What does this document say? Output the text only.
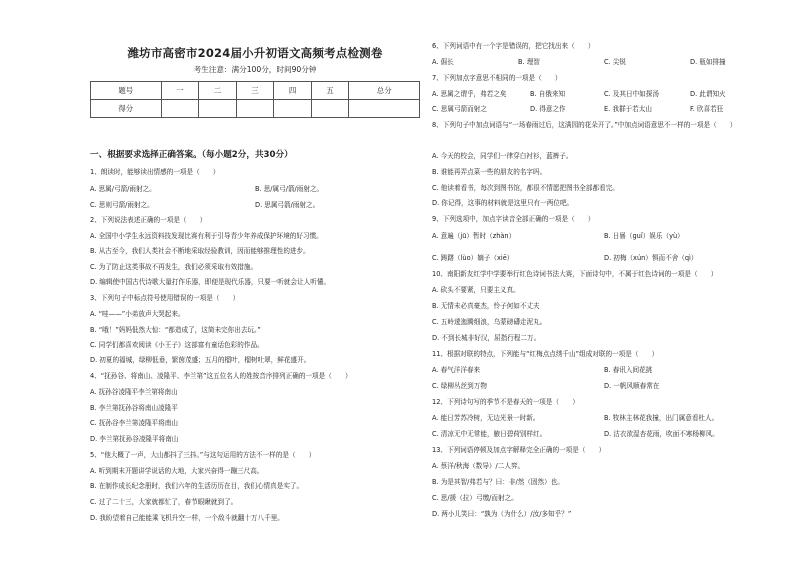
潍坊市高密市2024届小升初语文高频考点检测卷
考生注意：满分100分，时间90分钟
题号	一	二	三	四	五	总分
得分						
一、根据要求选择正确答案。（每小题2分，共30分）
1、朗读时，能够读出情感的一项是（　　）
A. 思属/弓箭/雨射之。	B. 思/属弓/箭/雨射之。
C. 思则弓箭/雨射之。	D. 思属弓箭/雨射之。
2、下列说法表述正确的一项是（　　）
A. 全国中小学生永远资料技发现比赛有利于引导青少年养成保护环境的好习惯。
B. 从古至今，我们人类社会不断地采取经验教训，因而能够推理性的进步。
C. 为了防止这类事故不再发生，我们必须采取有效措施。
D. 编辑使中国古代诗歌大量打作乐器，即便是现代乐器，只要一听就会让人听懂。
3、下列句子中标点符号使用错误的一项是（　　）
A. “哇——”小弟放声大哭起来。
B. “哦！”妈妈低然大惊：“都造成了，这简未完你出去玩。”
C. 同学们都喜欢阅读《小王子》这部富有童话色彩的作品。
D. 初夏的福城，绿柳低垂，繁茵茂盛；五月的榴叶，榴树吐翠，鲜花盛开。
4、“抚孙谷、将南山、凌隆平、李兰第”这五位名人的姓按音序排列正确的一项是（　　）
A. 抚孙谷凌隆平李兰第将南山
B. 李兰第抚孙谷将南山凌隆平
C. 抚孙谷李兰第凌隆平将南山
D. 李兰第抚孙谷凌隆平将南山
5、“他大概了一声，大山都抖了三抖。”与这句运用的方法不一样的是（　　）
A. 听到期末开题讲学说话的大地，大家兴奋得一蹦三尺高。
B. 在制作成长纪念册时，我们六年的生活历历在目，我们心情真是实了。
C. 过了二十三，大家就都忙了，春节眼瞅就到了。
D. 我盼望着自己能能乘飞机升空一样，一个敌斗就翻十万八千里。
6、下列词语中有一个字是错误的，把它找出来（　　）
A. 倔长	B. 理智	C. 尖锐	D. 瓶如排撞
7、下列加点字意思不相同的一项是（　　）
A. 思属之谓乎，弗若之矣	B. 自俄来知	C. 及其日中如探汤	D. 此谓知火
C. 思属弓箭而射之	D. 得意之作	E. 我群于若太山	F. 欣喜若狂
8、下列句子中加点词语与“一场春雨过后，这满园的花朵开了。”中加点词语意思不一样的一项是（　　）
A. 今天的校会，同学们一律穿白衬衫，蓝裤子。
B. 谁能再弄点菜一些的朋友的名字吗。
C. 他读着看书，每次到图书馆，都很不情愿把图书全部都看完。
D. 你记得，这事的材料就是这里只有一两位吧。
9、下列选项中，加点字读音全部正确的一项是（　　）
A. 意遍（jū）暂时（zhàn）	B. 日晷（guǐ）娱乐（yù）
C. 踌躇（lùo）嫡子（xiē）	D. 初梅（xún）惧而不舍（qì）
10、南阳新友红学中学要举行红色诗词书法大赛，下面诗句中，不属于红色诗词的一项是（　　）
A. 砍头不要紧，只要主义真。
B. 无情未必真豪杰，怜子何如不丈夫
C. 五岭逶迤腾细浪，乌蒙磅礴走泥丸。
D. 不到长城非好汉，屈指行程二万。
11、根据对联的特点，下列能与“红梅点点绣千山”组成对联的一项是（　　）
A. 春气洋洋春来	B. 春讯入间花挑
C. 绿柳丛丝到万物	D. 一帆风顺春常在
12、下列诗句写的季节不是春天的一项是（　　）
A. 能日芳苏冷树，无边光景一时新。	B. 牧林主林花我撞，出门属意看杜人。
C. 清凉无中无常能，腋日碧荷别样红。	D. 沽衣欲湿杏花雨，吹面不寒杨柳风。
13、下列词语停顿及加点字解释完全正确的一项是（　　）
A. 蔡洋/秋海（数导）/二人弈。
B. 为是其智/弗若与？曰：非/然（固然）也。
C. 思/援（拉）弓缴/而射之。
D. 两小儿笑曰：“孰为（为什么）/汝/多知乎？”
